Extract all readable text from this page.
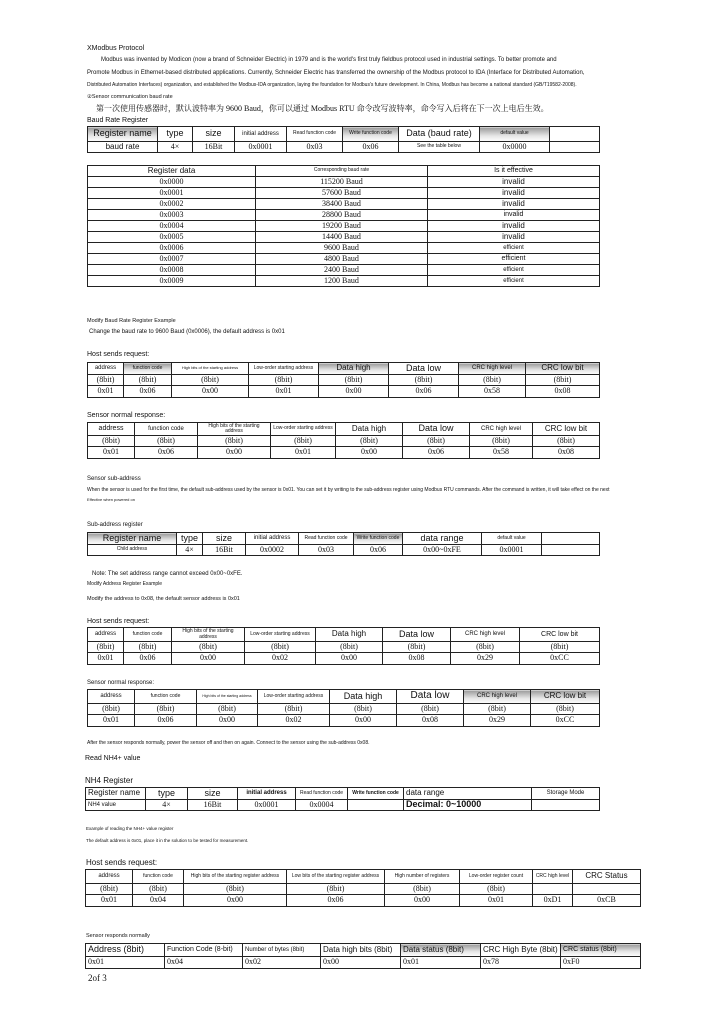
XModbus Protocol
Modbus was invented by Modicon (now a brand of Schneider Electric) in 1979 and is the world's first truly fieldbus protocol used in industrial settings. To better promote and
Promote Modbus in Ethernet-based distributed applications. Currently, Schneider Electric has transferred the ownership of the Modbus protocol to IDA (Interface for Distributed Automation,
Distributed Automation Interfaces) organization, and established the Modbus-IDA organization, laying the foundation for Modbus's future development. In China, Modbus has become a national standard (GB/T19582-2008).
②Sensor communication baud rate
第一次使用传感器时，默认波特率为 9600 Baud，你可以通过 Modbus RTU 命令改写波特率，命令写入后将在下一次上电后生效。
Baud Rate Register
Register name	type	size	initial address	Read function code	Write function code	Data (baud rate)	default value	
baud rate	4×	16Bit	0x0001	0x03	0x06	See the table below	0x0000	
Register data	Corresponding baud rate	Is it effective
0x0000	115200 Baud	invalid
0x0001	57600 Baud	invalid
0x0002	38400 Baud	invalid
0x0003	28800 Baud	invalid
0x0004	19200 Baud	invalid
0x0005	14400 Baud	invalid
0x0006	9600 Baud	efficient
0x0007	4800 Baud	efficient
0x0008	2400 Baud	efficient
0x0009	1200 Baud	efficient
Modify Baud Rate Register Example
Change the baud rate to 9600 Baud (0x0006), the default address is 0x01
Host sends request:
address	function code	High bits of the starting address	Low-order starting address	Data high	Data low	CRC high level	CRC low bit
(8bit)	(8bit)	(8bit)	(8bit)	(8bit)	(8bit)	(8bit)	(8bit)
0x01	0x06	0x00	0x01	0x00	0x06	0x58	0x08
Sensor normal response:
address	function code	High bits of the starting address	Low-order starting address	Data high	Data low	CRC high level	CRC low bit
(8bit)	(8bit)	(8bit)	(8bit)	(8bit)	(8bit)	(8bit)	(8bit)
0x01	0x06	0x00	0x01	0x00	0x06	0x58	0x08
Sensor sub-address
When the sensor is used for the first time, the default sub-address used by the sensor is 0x01. You can set it by writing to the sub-address register using Modbus RTU commands. After the command is written, it will take effect on the next
Effective when powered on
Sub-address register
Register name	type	size	initial address	Read function code	Write function code	data range	default value	
Child address	4×	16Bit	0x0002	0x03	0x06	0x00~0xFE	0x0001	
Note: The set address range cannot exceed 0x00~0xFE.
Modify Address Register Example
Modify the address to 0x08, the default sensor address is 0x01
Host sends request:
address	function code	High bits of the starting address	Low-order starting address	Data high	Data low	CRC high level	CRC low bit
(8bit)	(8bit)	(8bit)	(8bit)	(8bit)	(8bit)	(8bit)	(8bit)
0x01	0x06	0x00	0x02	0x00	0x08	0x29	0xCC
Sensor normal response:
address	function code	High bits of the starting address	Low-order starting address	Data high	Data low	CRC high level	CRC low bit
(8bit)	(8bit)	(8bit)	(8bit)	(8bit)	(8bit)	(8bit)	(8bit)
0x01	0x06	0x00	0x02	0x00	0x08	0x29	0xCC
After the sensor responds normally, power the sensor off and then on again. Connect to the sensor using the sub-address 0x08.
Read NH4+ value
NH4 Register
Register name	type	size	initial address	Read function code	Write function code	data range	Storage Mode
NH4 value	4×	16Bit	0x0001	0x0004		Decimal: 0~10000	
Example of reading the NH4+ value register
The default address is 0x01, place it in the solution to be tested for measurement.
Host sends request:
address	function code	High bits of the starting register address	Low bits of the starting register address	High number of registers	Low-order register count	CRC high level	CRC Status
(8bit)	(8bit)	(8bit)	(8bit)	(8bit)	(8bit)		
0x01	0x04	0x00	0x06	0x00	0x01	0xD1	0xCB
Sensor responds normally
Address (8bit)	Function Code (8-bit)	Number of bytes (8bit)	Data high bits (8bit)	Data status (8bit)	CRC High Byte (8bit)	CRC status (8bit)
0x01	0x04	0x02	0x00	0x01	0x78	0xF0
2of 3
